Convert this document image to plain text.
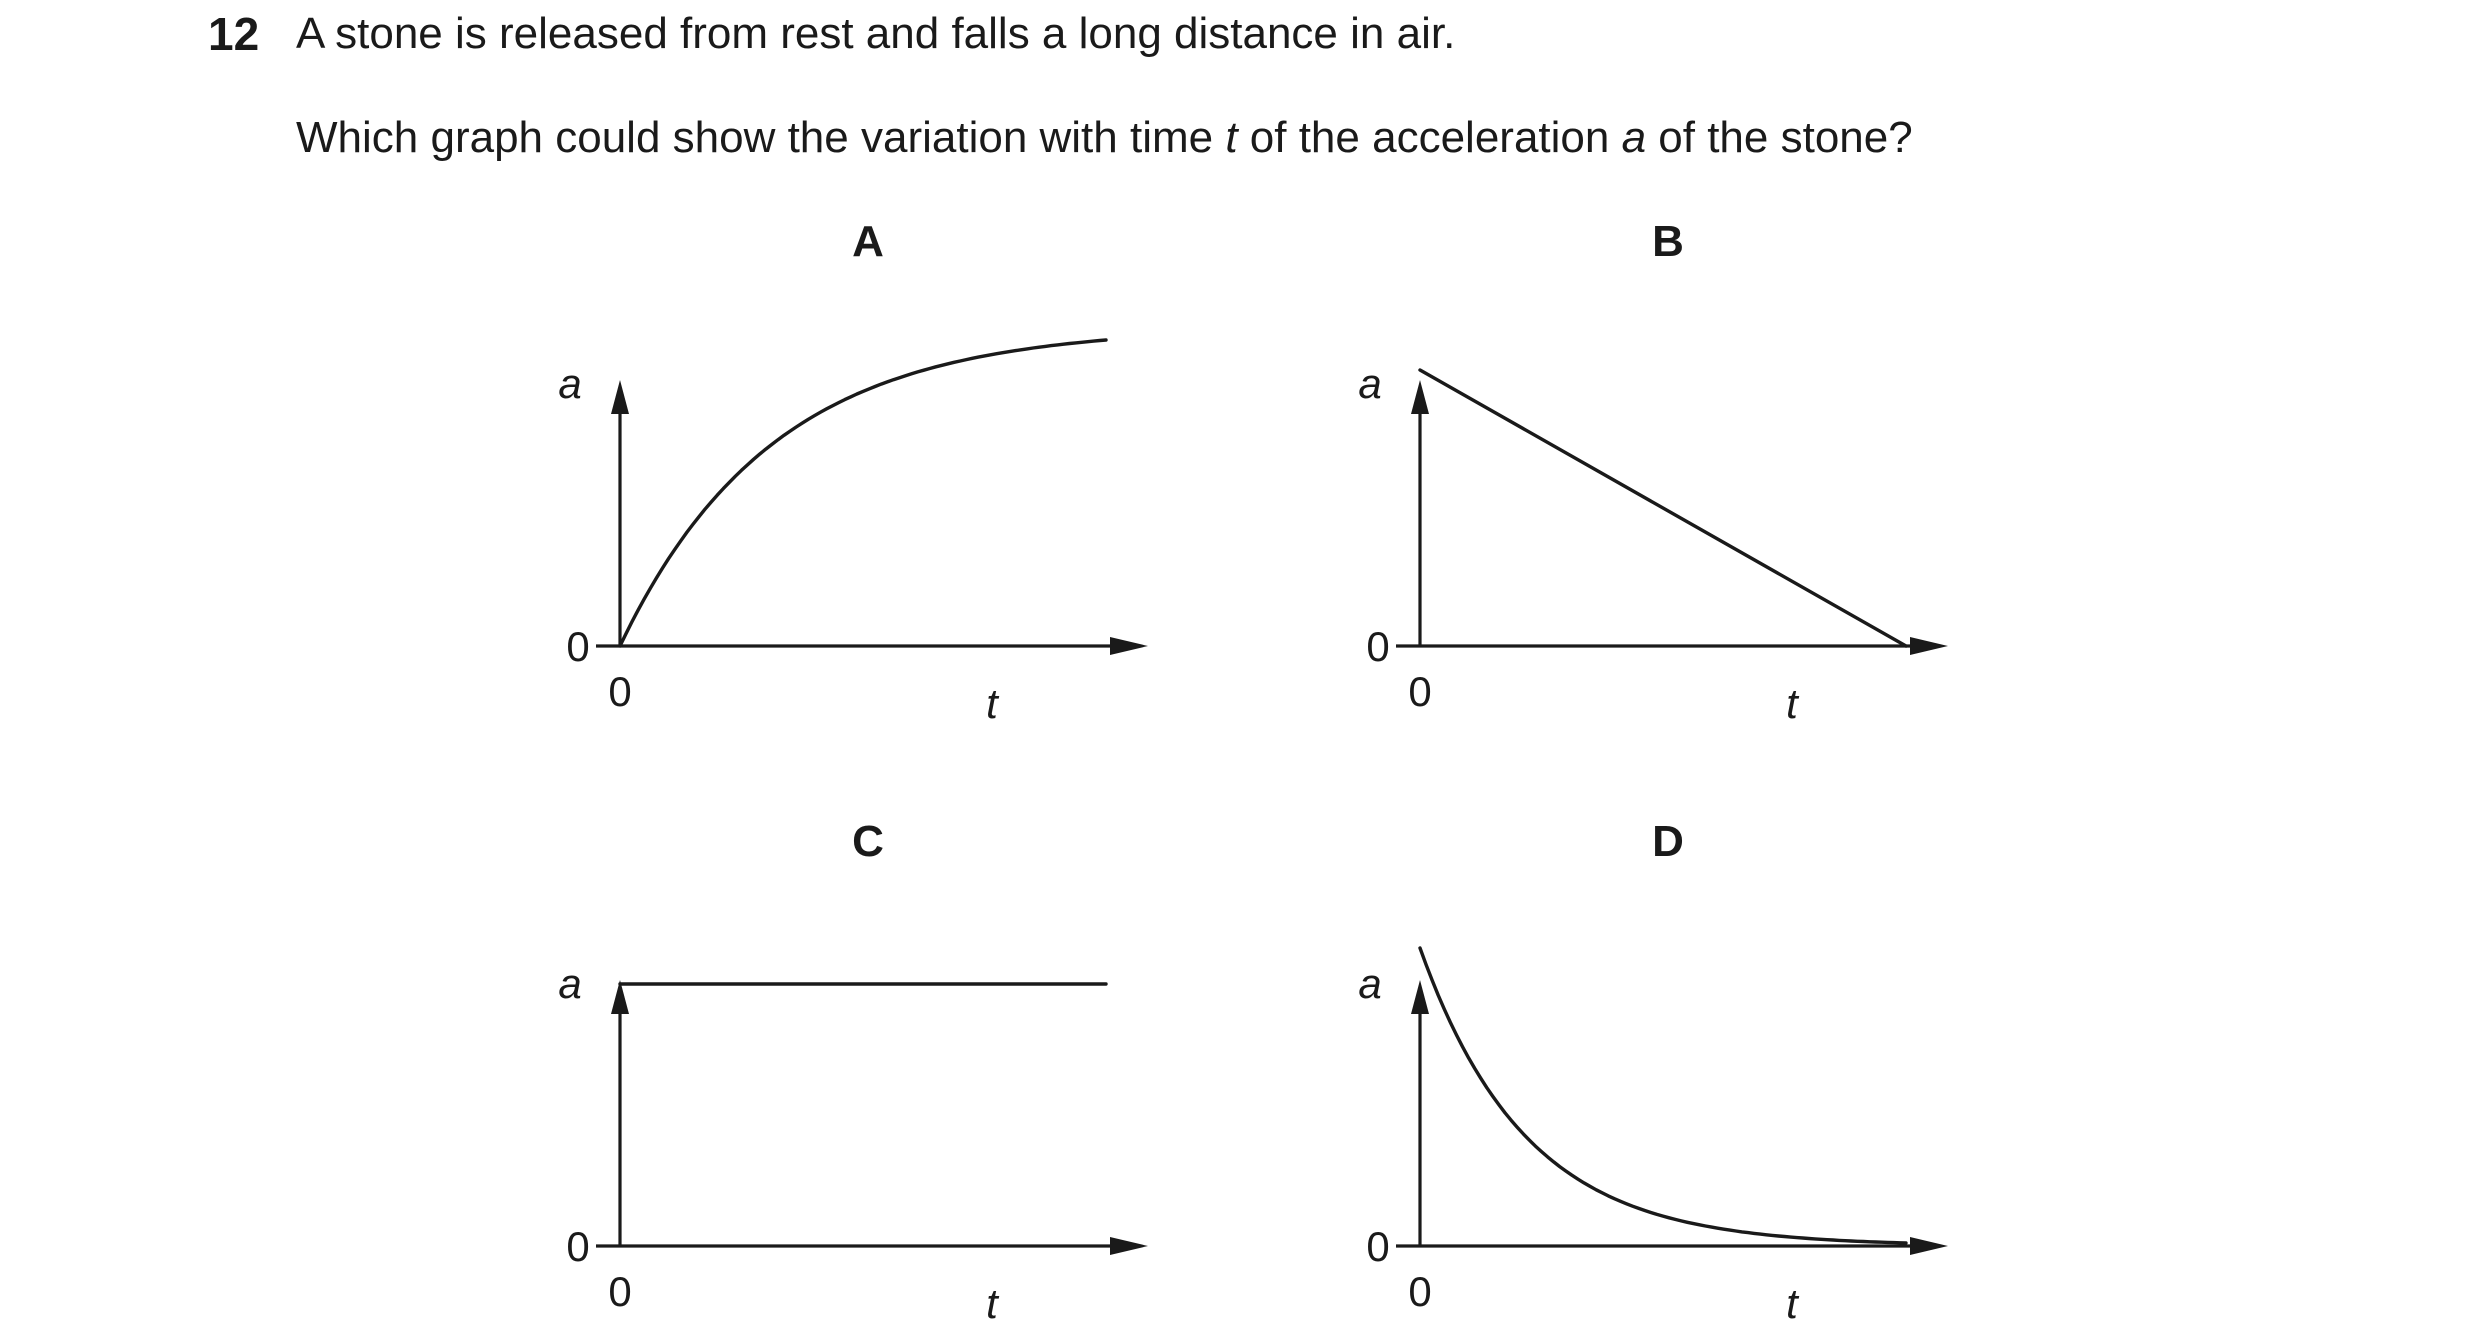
12 A stone is released from rest and falls a long distance in air.
Which graph could show the variation with time t of the acceleration a of the stone?
A
a
t
0
0
B
a
t
0
0
C
a
t
0
0
D
a
t
0
0
